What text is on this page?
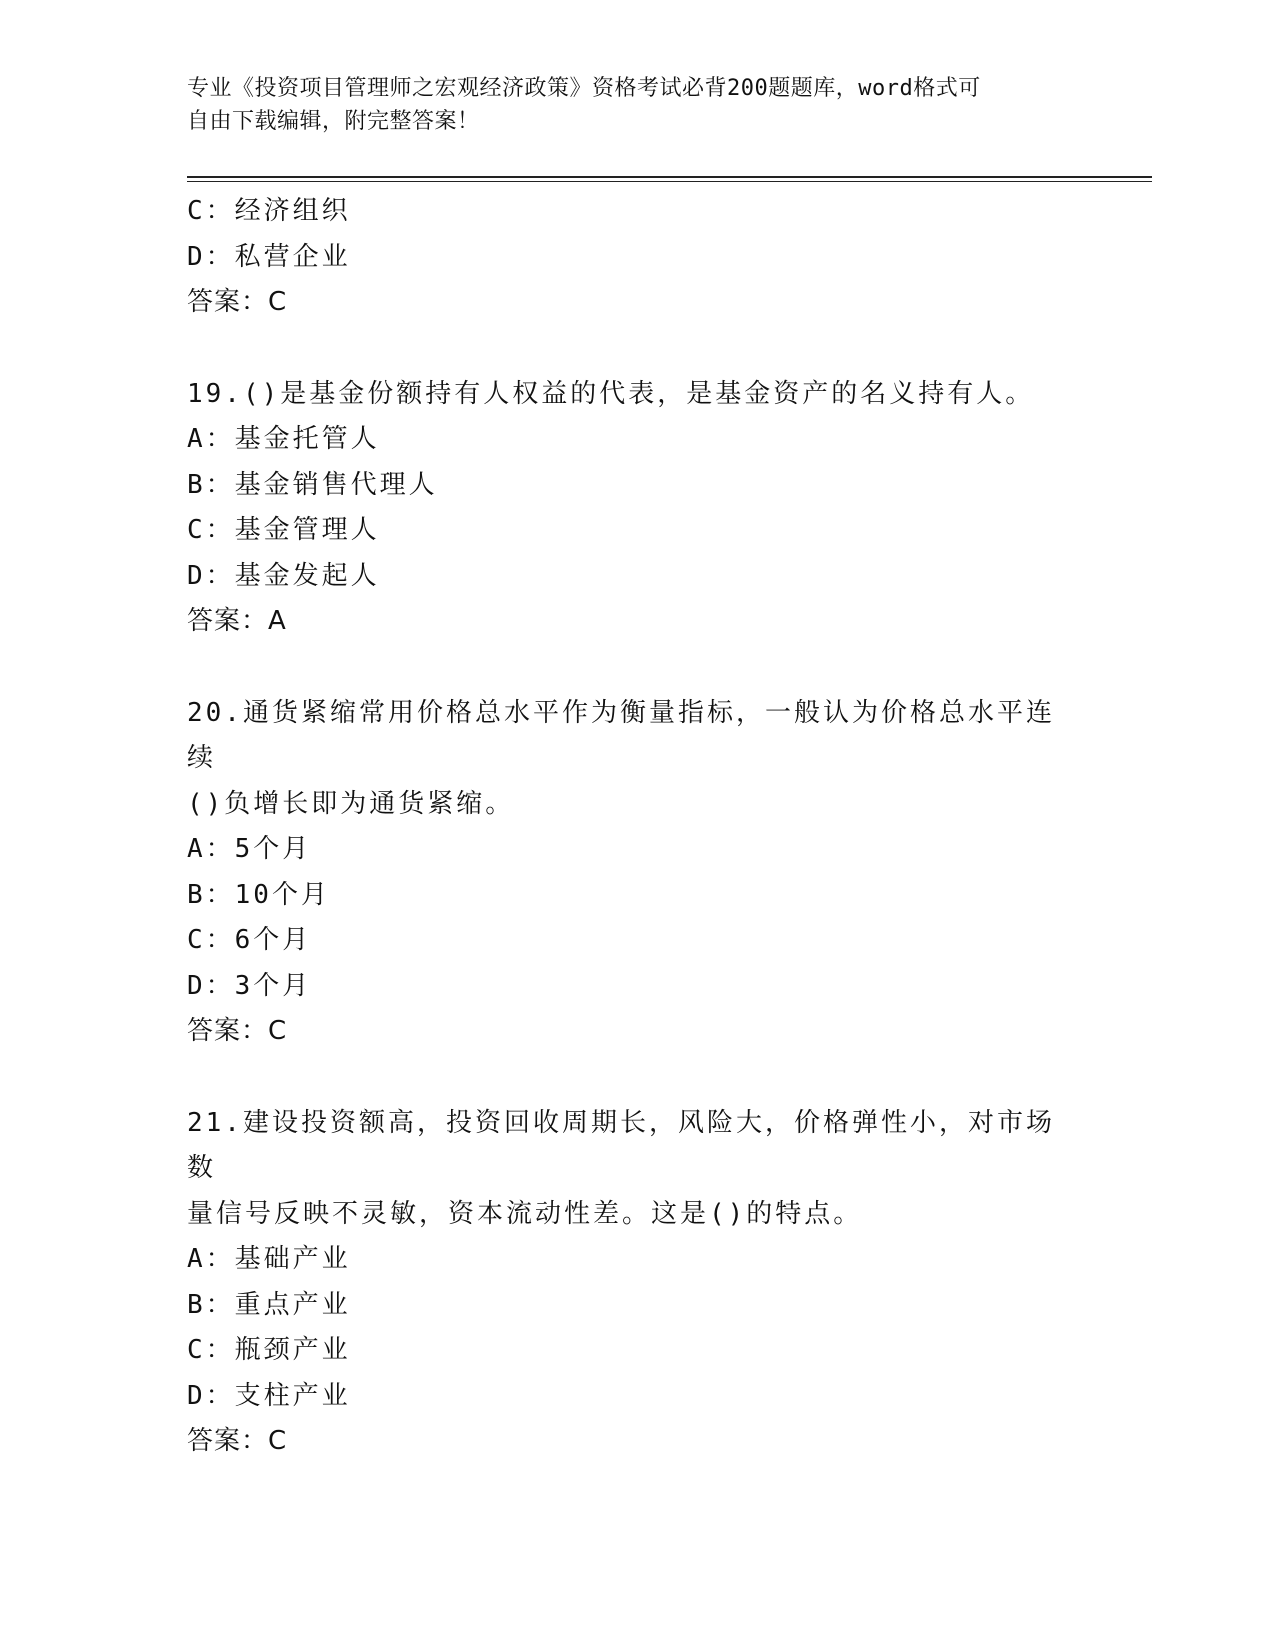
专业《投资项目管理师之宏观经济政策》资格考试必背200题题库，word格式可
自由下载编辑，附完整答案！
C：经济组织
D：私营企业
答案：C
19.()是基金份额持有人权益的代表，是基金资产的名义持有人。
A：基金托管人
B：基金销售代理人
C：基金管理人
D：基金发起人
答案：A
20.通货紧缩常用价格总水平作为衡量指标，一般认为价格总水平连续
()负增长即为通货紧缩。
A：5个月
B：10个月
C：6个月
D：3个月
答案：C
21.建设投资额高，投资回收周期长，风险大，价格弹性小，对市场数
量信号反映不灵敏，资本流动性差。这是()的特点。
A：基础产业
B：重点产业
C：瓶颈产业
D：支柱产业
答案：C
